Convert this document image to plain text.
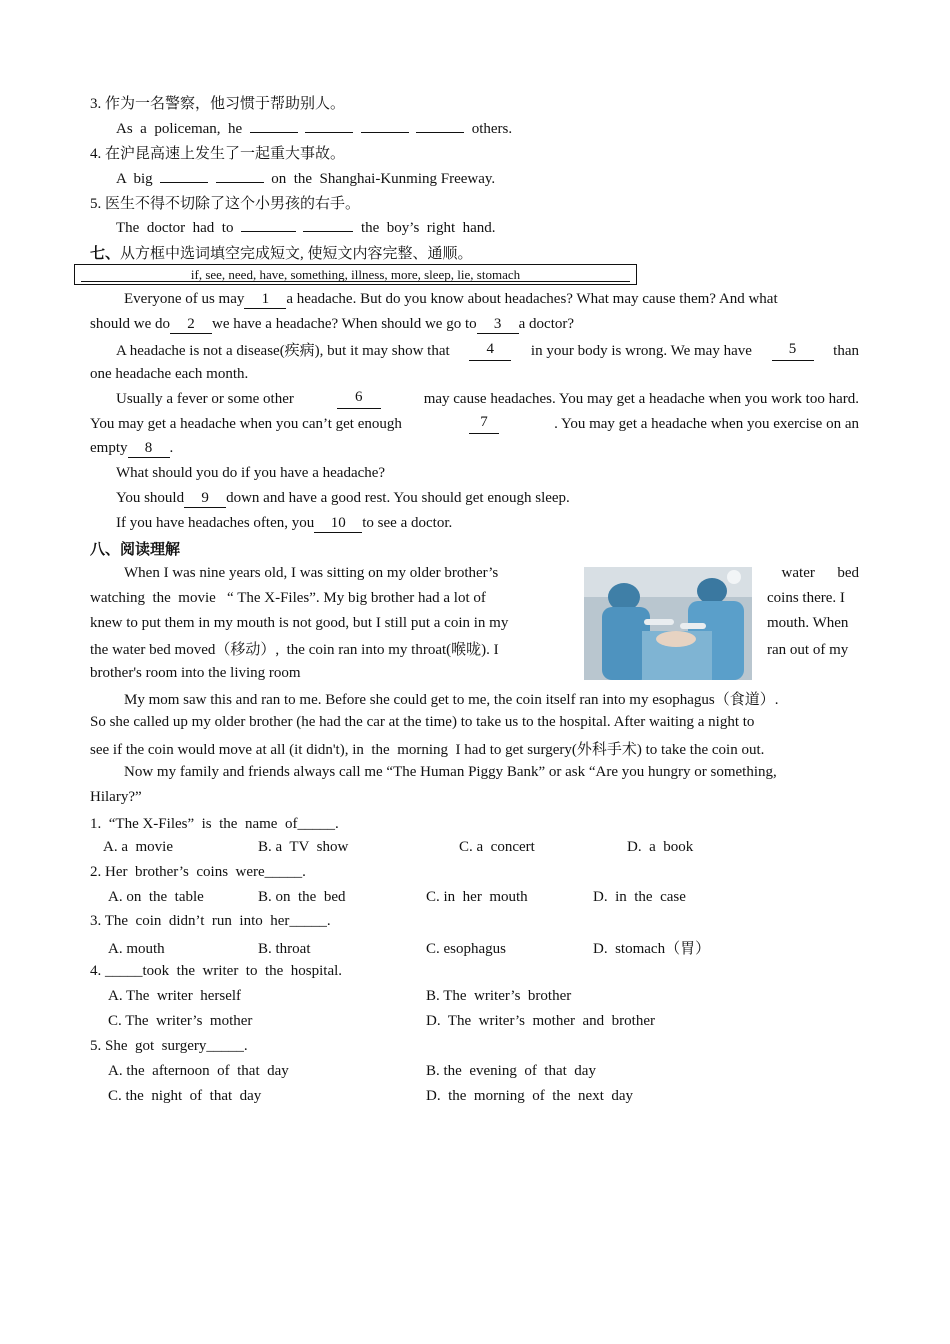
3. 作为一名警察，他习惯于帮助别人。
As  a  policeman,  he	others.
4. 在沪昆高速上发生了一起重大事故。
A  big	on  the  Shanghai-Kunming Freeway.
5. 医生不得不切除了这个小男孩的右手。
The  doctor  had  to	the  boy’s  right  hand.
七、从方框中选词填空完成短文, 使短文内容完整、通顺。
if, see, need, have, something, illness, more, sleep, lie, stomach
Everyone of us may 1 a headache. But do you know about headaches? What may cause them? And what
should we do 2 we have a headache? When should we go to 3 a doctor?
A headache is not a disease(疾病), but it may show that	4	in your body is wrong. We may have	5	than
one headache each month.
Usually a fever or some other	6	may cause headaches. You may get a headache when you work too hard.
You may get a headache when you can’t get enough	7	. You may get a headache when you exercise on an
empty 8 .
What should you do if you have a headache?
You should 9 down and have a good rest. You should get enough sleep.
If you have headaches often, you 10 to see a doctor.
八、阅读理解
When I was nine years old, I was sitting on my older brother’s	water      bed
watching  the  movie   “ The X-Files”. My big brother had a lot of	coins there. I
knew to put them in my mouth is not good, but I still put a coin in my	mouth. When
the water bed moved（移动）,  the coin ran into my throat(喉咙). I	ran out of my
brother's room into the living room
My mom saw this and ran to me. Before she could get to me, the coin itself ran into my esophagus（食道）.
So she called up my older brother (he had the car at the time) to take us to the hospital. After waiting a night to
see if the coin would move at all (it didn't), in  the  morning  I had to get surgery(外科手术) to take the coin out.
Now my family and friends always call me “The Human Piggy Bank” or ask “Are you hungry or something,
Hilary?”
1.  “The X-Files”  is  the  name  of_____.
A. a  movie	B. a  TV  show	C. a  concert	D.  a  book
2. Her  brother’s  coins  were_____.
A. on  the  table	B. on  the  bed	C. in  her  mouth	D.  in  the  case
3. The  coin  didn’t  run  into  her_____.
A. mouth	B. throat	C. esophagus	D.  stomach（胃）
4. _____took  the  writer  to  the  hospital.
A. The  writer  herself	B. The  writer’s  brother
C. The  writer’s  mother	D.  The  writer’s  mother  and  brother
5. She  got  surgery_____.
A. the  afternoon  of  that  day	B. the  evening  of  that  day
C. the  night  of  that  day	D.  the  morning  of  the  next  day
